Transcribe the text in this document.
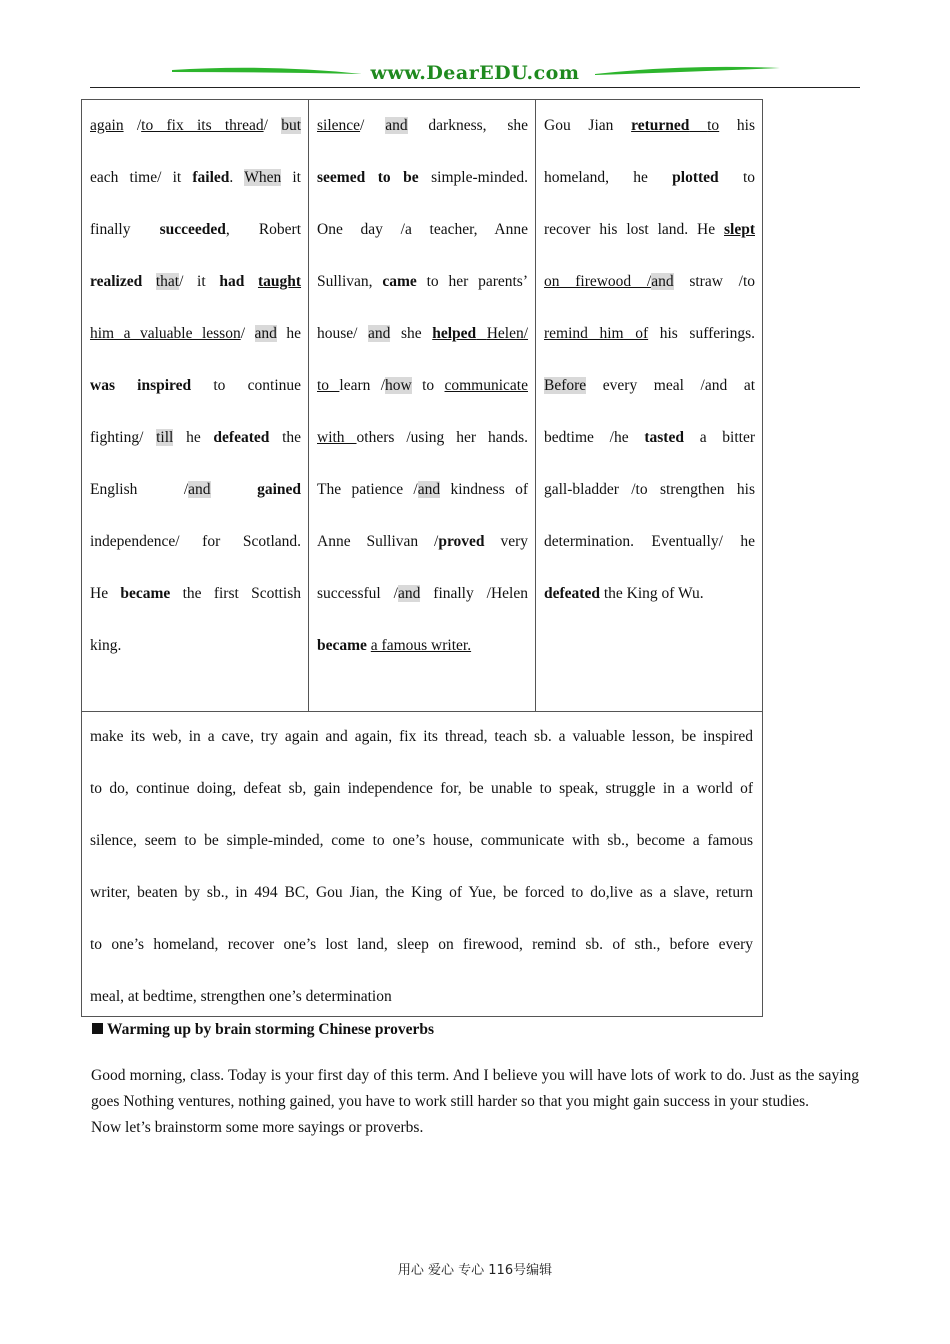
www.DearEDU.com

again /to fix its thread/ but

each time/ it failed. When it

finally succeeded, Robert

realized that/ it had taught

him a valuable lesson/ and he

was inspired to continue

fighting/ till he defeated the

English /and	gained

independence/ for Scotland.

He became the first Scottish

king.

silence/ and darkness, she

seemed to be simple-minded.

One day /a teacher, Anne

Sullivan, came to her parents’

house/ and she helped Helen/

to learn /how to communicate

with others /using her hands.

The patience /and kindness of

Anne Sullivan /proved very

successful /and finally /Helen

became a famous writer.

Gou Jian returned to his

homeland, he plotted to

recover his lost land. He slept

on firewood /and straw /to

remind him of his sufferings.

Before every meal /and at

bedtime /he tasted a bitter

gall-bladder /to strengthen his

determination. Eventually/ he

defeated the King of Wu.

make its web, in a cave, try again and again, fix its thread, teach sb. a valuable lesson, be inspired
to do, continue doing, defeat sb, gain independence for, be unable to speak, struggle in a world of
silence, seem to be simple-minded, come to one’s house, communicate with sb., become a famous
writer, beaten by sb., in 494 BC, Gou Jian, the King of Yue, be forced to do,live as a slave, return
to one’s homeland, recover one’s lost land, sleep on firewood, remind sb. of sth., before every
meal, at bedtime, strengthen one’s determination
Warming up by brain storming Chinese proverbs

Good morning, class. Today is your first day of this term. And I believe you will have lots of work to do. Just as the saying goes Nothing ventures, nothing gained, you have to work still harder so that you might gain success in your studies.

Now let’s brainstorm some more sayings or proverbs.

用心 爱心 专心 116号编辑
